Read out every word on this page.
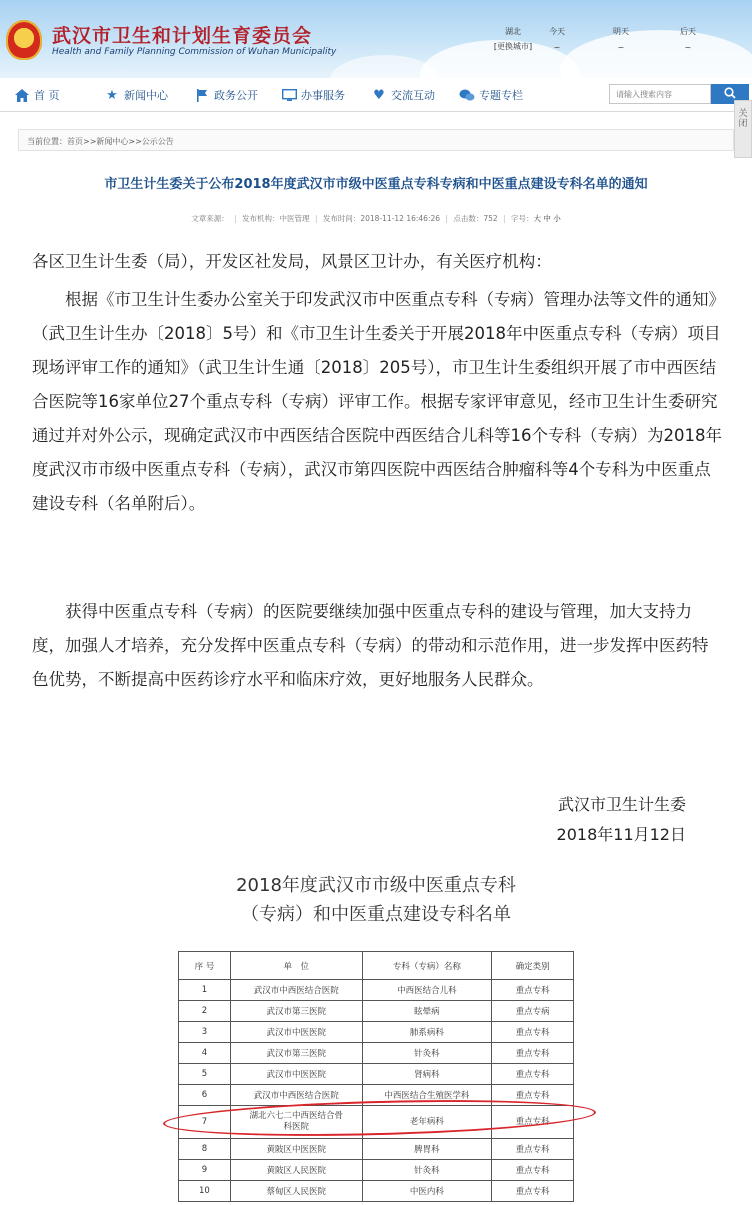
★ 武汉市卫生和计划生育委员会
Health and Family Planning Commission of Wuhan Municipality
湖北
[更换城市]
今天
~
明天
~
后天
~
首 页	★ 新闻中心	政务公开	办事服务 ♥ 交流互动	专题专栏
请输入搜索内容
关闭
当前位置：首页>>新闻中心>>公示公告
市卫生计生委关于公布2018年度武汉市市级中医重点专科专病和中医重点建设专科名单的通知
文章来源： | 发布机构：中医管理 | 发布时间：2018-11-12 16:46:26 | 点击数：752 | 字号：大 中 小
各区卫生计生委（局），开发区社发局，风景区卫计办，有关医疗机构：
根据《市卫生计生委办公室关于印发武汉市中医重点专科（专病）管理办法等文件的通知》（武卫生计生办〔2018〕5号）和《市卫生计生委关于开展2018年中医重点专科（专病）项目现场评审工作的通知》（武卫生计生通〔2018〕205号），市卫生计生委组织开展了市中西医结合医院等16家单位27个重点专科（专病）评审工作。根据专家评审意见，经市卫生计生委研究通过并对外公示，现确定武汉市中西医结合医院中西医结合儿科等16个专科（专病）为2018年度武汉市市级中医重点专科（专病），武汉市第四医院中西医结合肿瘤科等4个专科为中医重点建设专科（名单附后）。
获得中医重点专科（专病）的医院要继续加强中医重点专科的建设与管理，加大支持力度，加强人才培养，充分发挥中医重点专科（专病）的带动和示范作用，进一步发挥中医药特色优势，不断提高中医药诊疗水平和临床疗效，更好地服务人民群众。
武汉市卫生计生委
2018年11月12日
2018年度武汉市市级中医重点专科
（专病）和中医重点建设专科名单
序 号	单　位	专科（专病）名称	确定类别
1	武汉市中西医结合医院	中西医结合儿科	重点专科
2	武汉市第三医院	眩晕病	重点专病
3	武汉市中医医院	肺系病科	重点专科
4	武汉市第三医院	针灸科	重点专科
5	武汉市中医医院	肾病科	重点专科
6	武汉市中西医结合医院	中西医结合生殖医学科	重点专科
7	湖北六七二中西医结合骨科医院	老年病科	重点专科
8	黄陂区中医医院	脾胃科	重点专科
9	黄陂区人民医院	针灸科	重点专科
10	蔡甸区人民医院	中医内科	重点专科
